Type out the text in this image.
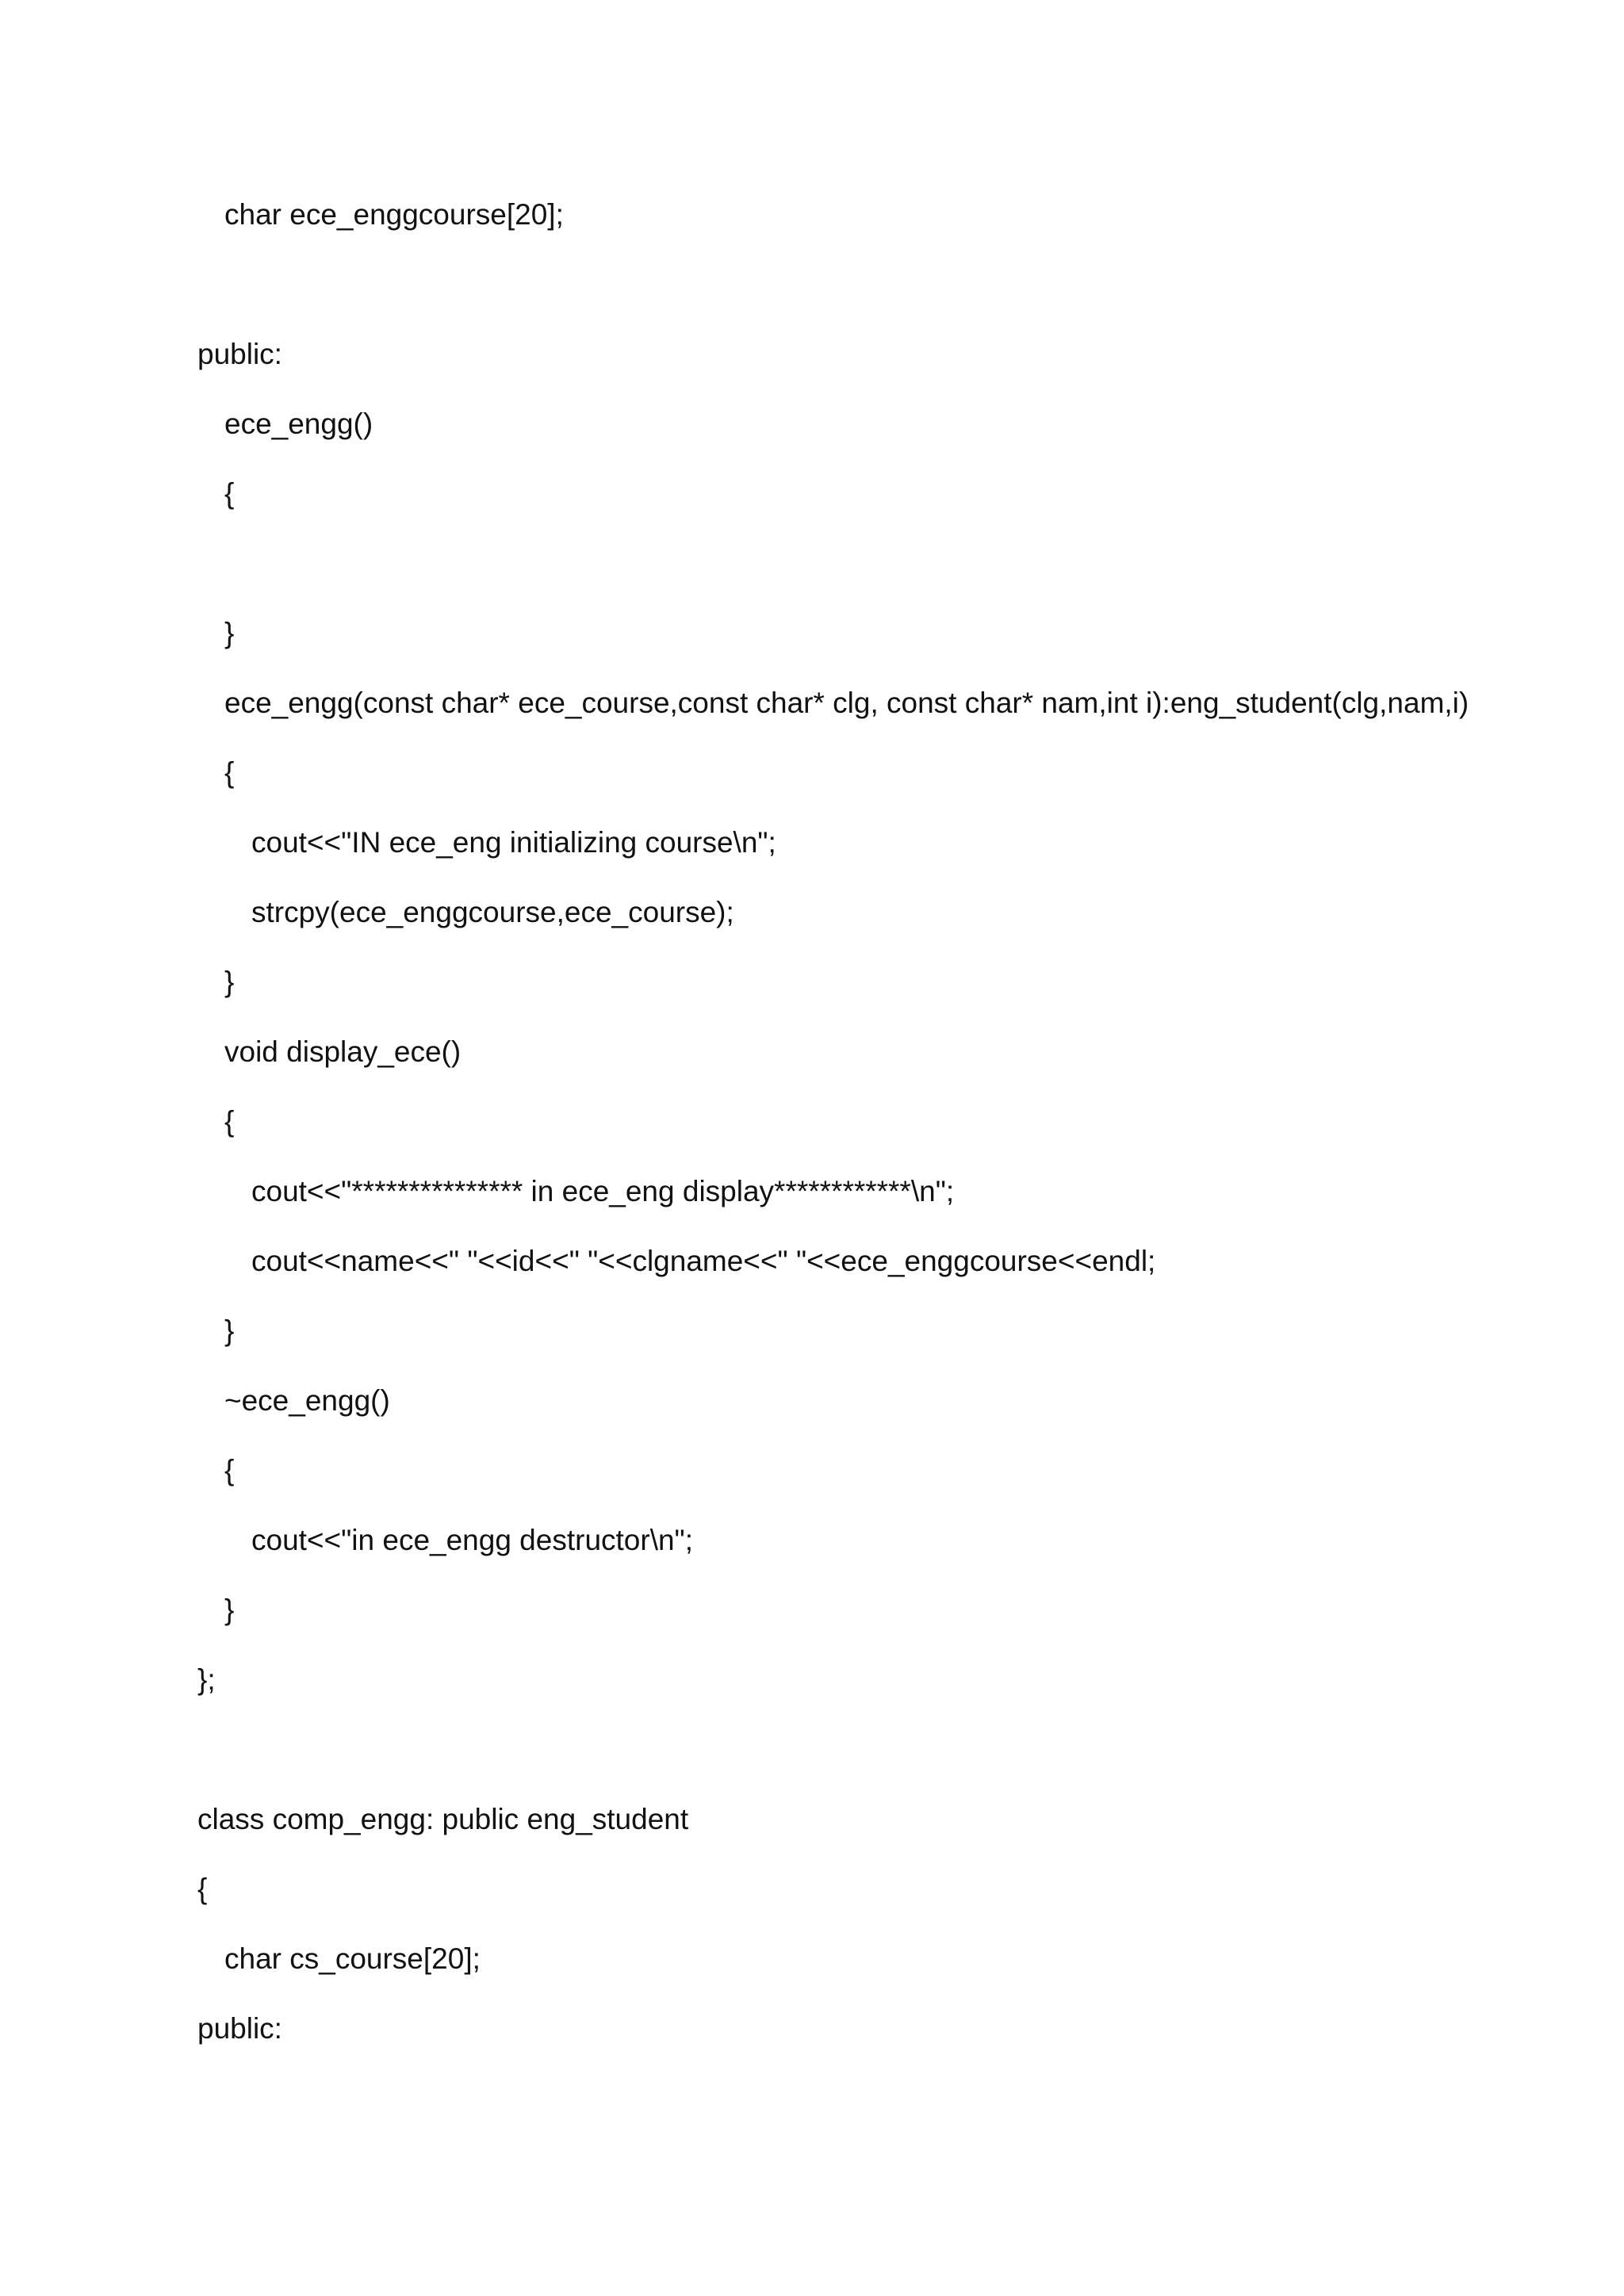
char ece_enggcourse[20];

public:

ece_engg()

{

}

ece_engg(const char* ece_course,const char* clg, const char* nam,int i):eng_student(clg,nam,i)

{

cout<<"IN ece_eng initializing course\n";

strcpy(ece_enggcourse,ece_course);

}

void display_ece()

{

cout<<"*************** in ece_eng display************\n";

cout<<name<<" "<<id<<" "<<clgname<<" "<<ece_enggcourse<<endl;

}

~ece_engg()

{

cout<<"in ece_engg destructor\n";

}

};

class comp_engg: public eng_student

{

char cs_course[20];

public:
